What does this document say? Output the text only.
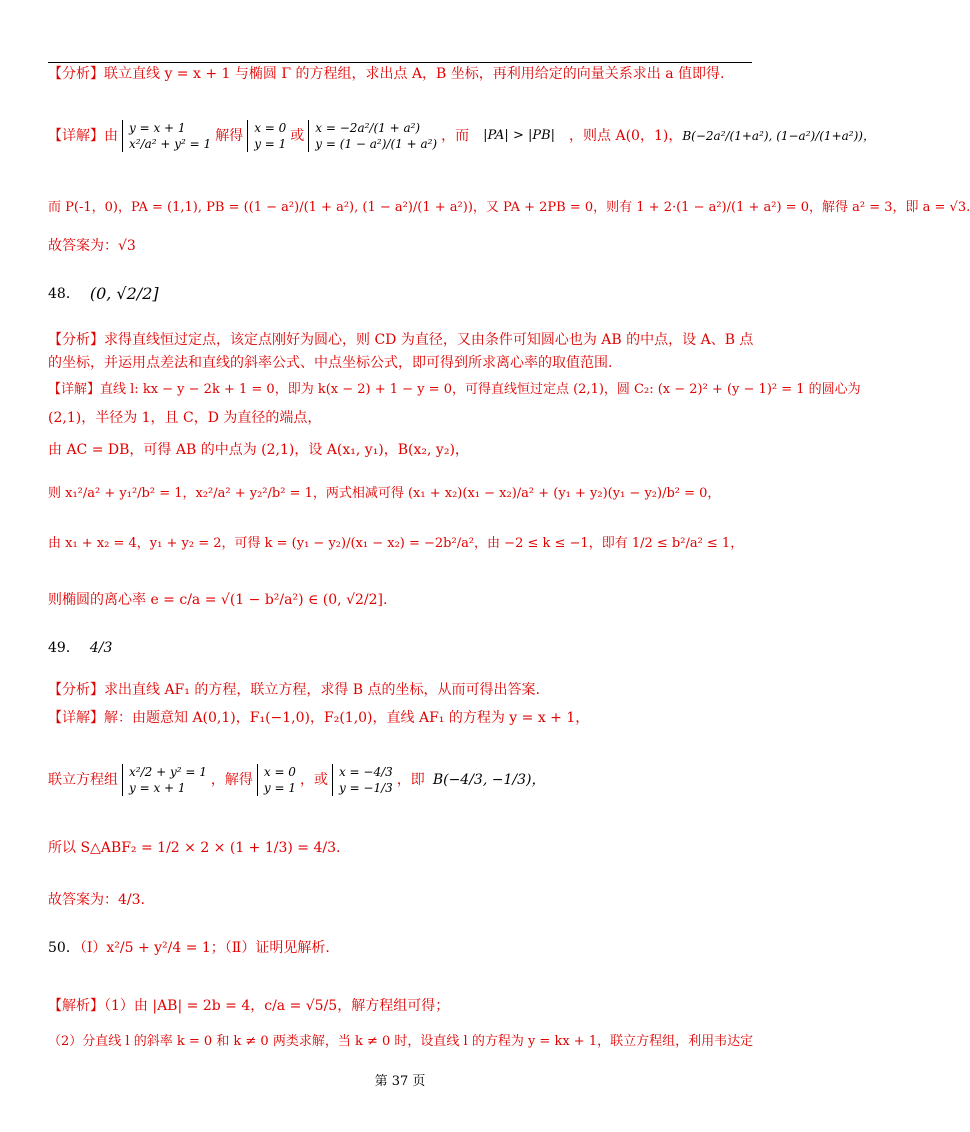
【分析】联立直线 y = x + 1 与椭圆 Γ 的方程组，求出点 A，B 坐标，再利用给定的向量关系求出 a 值即得.
【详解】 由 y = x + 1
x²/a² + y² = 1 解得 x = 0
y = 1 或 x = −2a²/(1 + a²)
y = (1 − a²)/(1 + a²) ，而 |PA| > |PB| ，则点 A(0，1)， B(−2a²/(1+a²), (1−a²)/(1+a²))，
而 P(-1，0)，PA = (1,1), PB = ((1 − a²)/(1 + a²), (1 − a²)/(1 + a²))，又 PA + 2PB = 0，则有 1 + 2·(1 − a²)/(1 + a²) = 0，解得 a² = 3，即 a = √3.
故答案为：√3
48． (0, √2/2]
【分析】求得直线恒过定点，该定点刚好为圆心，则 CD 为直径，又由条件可知圆心也为 AB 的中点，设 A、B 点
的坐标，并运用点差法和直线的斜率公式、中点坐标公式，即可得到所求离心率的取值范围.
【详解】直线 l: kx − y − 2k + 1 = 0，即为 k(x − 2) + 1 − y = 0，可得直线恒过定点 (2,1)，圆 C₂: (x − 2)² + (y − 1)² = 1 的圆心为
(2,1)，半径为 1，且 C，D 为直径的端点，
由 AC = DB，可得 AB 的中点为 (2,1)，设 A(x₁, y₁)，B(x₂, y₂)，
则 x₁²/a² + y₁²/b² = 1，x₂²/a² + y₂²/b² = 1，两式相减可得 (x₁ + x₂)(x₁ − x₂)/a² + (y₁ + y₂)(y₁ − y₂)/b² = 0，
由 x₁ + x₂ = 4，y₁ + y₂ = 2，可得 k = (y₁ − y₂)/(x₁ − x₂) = −2b²/a²，由 −2 ≤ k ≤ −1，即有 1/2 ≤ b²/a² ≤ 1，
则椭圆的离心率 e = c/a = √(1 − b²/a²) ∈ (0, √2/2].
49． 4/3
【分析】求出直线 AF₁ 的方程，联立方程，求得 B 点的坐标，从而可得出答案.
【详解】解：由题意知 A(0,1)，F₁(−1,0)，F₂(1,0)，直线 AF₁ 的方程为 y = x + 1，
联立方程组 x²/2 + y² = 1
y = x + 1	，解得 x = 0
y = 1 ，或 x = −4/3
y = −1/3 ，即 B(−4/3, −1/3)，
所以 S△ABF₂ = 1/2 × 2 × (1 + 1/3) = 4/3.
故答案为：4/3.
50．（Ⅰ）x²/5 + y²/4 = 1；（Ⅱ）证明见解析.
【解析】（1）由 |AB| = 2b = 4，c/a = √5/5，解方程组可得；
（2）分直线 l 的斜率 k = 0 和 k ≠ 0 两类求解，当 k ≠ 0 时，设直线 l 的方程为 y = kx + 1，联立方程组，利用韦达定
第 37 页
